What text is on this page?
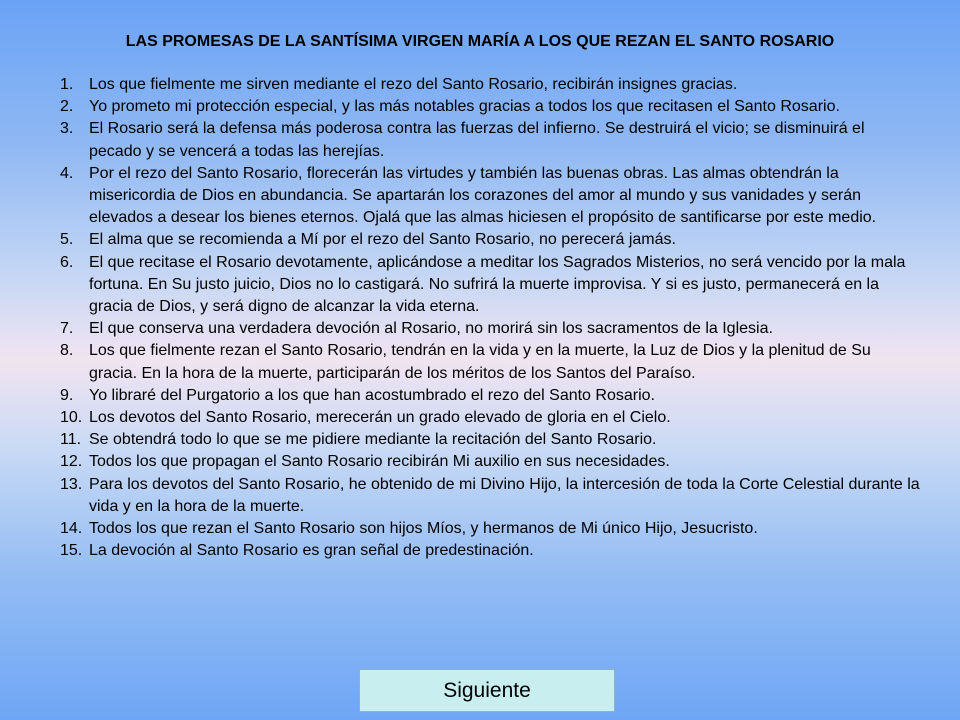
LAS PROMESAS DE LA SANTÍSIMA VIRGEN MARÍA A LOS QUE REZAN EL SANTO ROSARIO
1. Los que fielmente me sirven mediante el rezo del Santo Rosario, recibirán insignes gracias.
2. Yo prometo mi protección especial, y las más notables gracias a todos los que recitasen el Santo Rosario.
3. El Rosario será la defensa más poderosa contra las fuerzas del infierno. Se destruirá el vicio; se disminuirá el pecado y se vencerá a todas las herejías.
4. Por el rezo del Santo Rosario, florecerán las virtudes y también las buenas obras. Las almas obtendrán la misericordia de Dios en abundancia. Se apartarán los corazones del amor al mundo y sus vanidades y serán elevados a desear los bienes eternos. Ojalá que las almas hiciesen el propósito de santificarse por este medio.
5. El alma que se recomienda a Mí por el rezo del Santo Rosario, no perecerá jamás.
6. El que recitase el Rosario devotamente, aplicándose a meditar los Sagrados Misterios, no será vencido por la mala fortuna. En Su justo juicio, Dios no lo castigará. No sufrirá la muerte improvisa. Y si es justo, permanecerá en la gracia de Dios, y será digno de alcanzar la vida eterna.
7. El que conserva una verdadera devoción al Rosario, no morirá sin los sacramentos de la Iglesia.
8. Los que fielmente rezan el Santo Rosario, tendrán en la vida y en la muerte, la Luz de Dios y la plenitud de Su gracia. En la hora de la muerte, participarán de los méritos de los Santos del Paraíso.
9. Yo libraré del Purgatorio a los que han acostumbrado el rezo del Santo Rosario.
10. Los devotos del Santo Rosario, merecerán un grado elevado de gloria en el Cielo.
11. Se obtendrá todo lo que se me pidiere mediante la recitación del Santo Rosario.
12. Todos los que propagan el Santo Rosario recibirán Mi auxilio en sus necesidades.
13. Para los devotos del Santo Rosario, he obtenido de mi Divino Hijo, la intercesión de toda la Corte Celestial durante la vida y en la hora de la muerte.
14. Todos los que rezan el Santo Rosario son hijos Míos, y hermanos de Mi único Hijo, Jesucristo.
15. La devoción al Santo Rosario es gran señal de predestinación.
Siguiente
